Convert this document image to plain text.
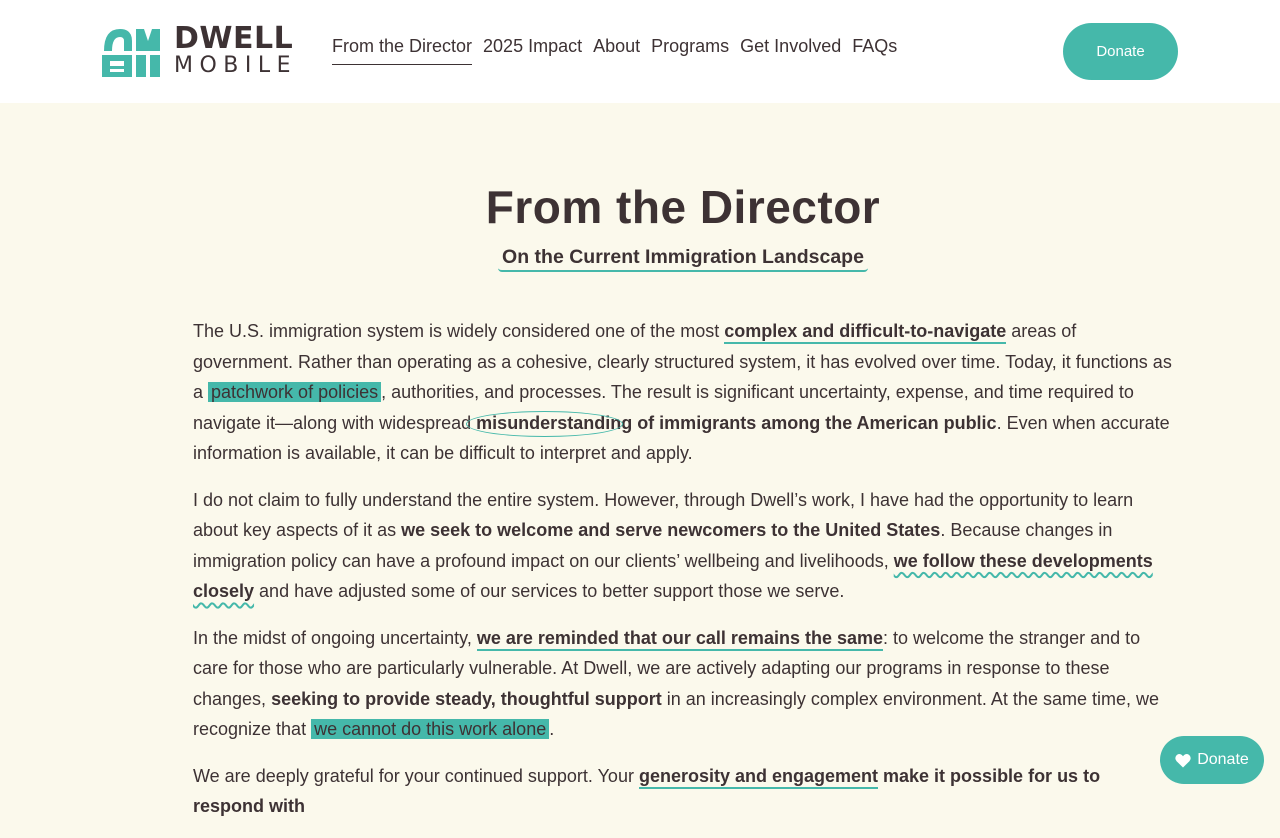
DWELL
MOBILE
From the Director 2025 Impact About Programs Get Involved FAQs	Donate
From the Director
On the Current Immigration Landscape

The U.S. immigration system is widely considered one of the most complex and difficult-to-navigate areas of government. Rather than operating as a cohesive, clearly structured system, it has evolved over time. Today, it functions as a patchwork of policies , authorities, and processes. The result is significant uncertainty, expense, and time required to navigate it—along with widespread misunderstanding of immigrants among the American public. Even when accurate information is available, it can be difficult to interpret and apply.

I do not claim to fully understand the entire system. However, through Dwell’s work, I have had the opportunity to learn about key aspects of it as we seek to welcome and serve newcomers to the United States. Because changes in immigration policy can have a profound impact on our clients’ wellbeing and livelihoods, we follow these developments closely and have adjusted some of our services to better support those we serve.

In the midst of ongoing uncertainty, we are reminded that our call remains the same: to welcome the stranger and to care for those who are particularly vulnerable. At Dwell, we are actively adapting our programs in response to these changes, seeking to provide steady, thoughtful support in an increasingly complex environment. At the same time, we recognize that we cannot do this work alone .

We are deeply grateful for your continued support. Your generosity and engagement make it possible for us to respond with

Donate
